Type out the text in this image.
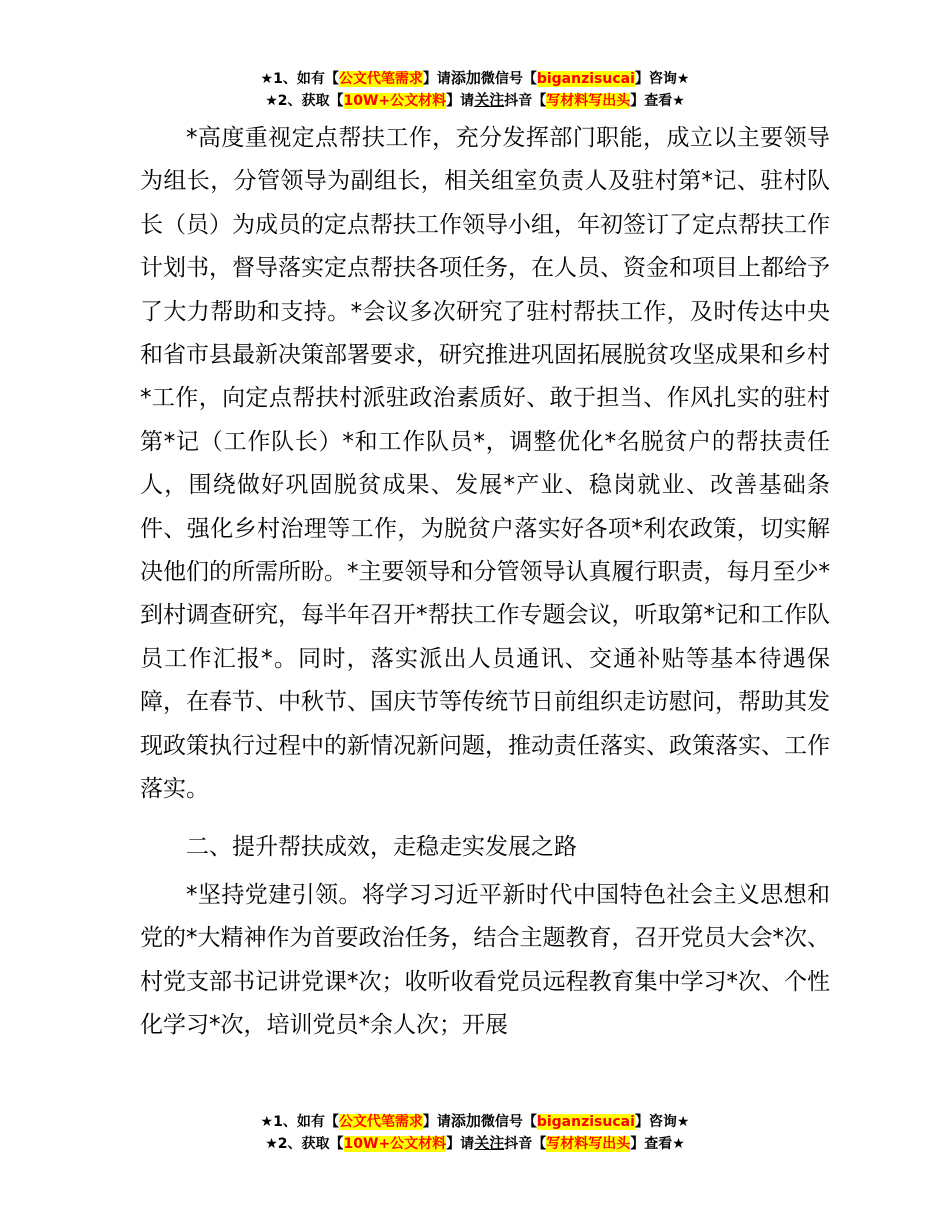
★1、如有【公文代笔需求】请添加微信号【biganzisucai】咨询★
★2、获取【10W+公文材料】请关注抖音【写材料写出头】查看★

*高度重视定点帮扶工作，充分发挥部门职能，成立以主要领导为组长，分管领导为副组长，相关组室负责人及驻村第*记、驻村队长（员）为成员的定点帮扶工作领导小组，年初签订了定点帮扶工作计划书，督导落实定点帮扶各项任务，在人员、资金和项目上都给予了大力帮助和支持。*会议多次研究了驻村帮扶工作，及时传达中央和省市县最新决策部署要求，研究推进巩固拓展脱贫攻坚成果和乡村*工作，向定点帮扶村派驻政治素质好、敢于担当、作风扎实的驻村第*记（工作队长）*和工作队员*，调整优化*名脱贫户的帮扶责任人，围绕做好巩固脱贫成果、发展*产业、稳岗就业、改善基础条件、强化乡村治理等工作，为脱贫户落实好各项*利农政策，切实解决他们的所需所盼。*主要领导和分管领导认真履行职责，每月至少*到村调查研究，每半年召开*帮扶工作专题会议，听取第*记和工作队员工作汇报*。同时，落实派出人员通讯、交通补贴等基本待遇保障，在春节、中秋节、国庆节等传统节日前组织走访慰问，帮助其发现政策执行过程中的新情况新问题，推动责任落实、政策落实、工作落实。

二、提升帮扶成效，走稳走实发展之路

*坚持党建引领。将学习习近平新时代中国特色社会主义思想和党的*大精神作为首要政治任务，结合主题教育，召开党员大会*次、村党支部书记讲党课*次；收听收看党员远程教育集中学习*次、个性化学习*次，培训党员*余人次；开展

★1、如有【公文代笔需求】请添加微信号【biganzisucai】咨询★
★2、获取【10W+公文材料】请关注抖音【写材料写出头】查看★
